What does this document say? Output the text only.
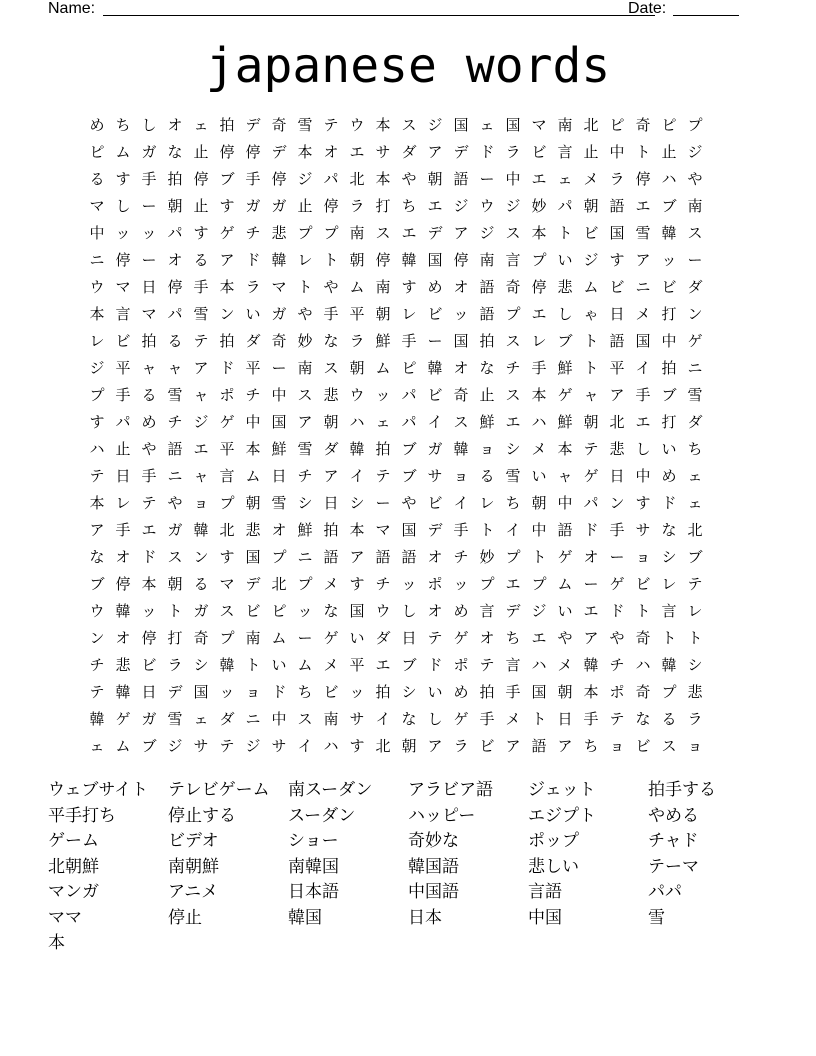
Name:	Date:
japanese words
め ち し オ ェ 拍 デ 奇 雪 テ ウ 本 ス ジ 国 ェ 国 マ 南 北 ピ 奇 ピ プ
ピ ム ガ な 止 停 停 デ 本 オ エ サ ダ ア デ ド ラ ビ 言 止 中 ト 止 ジ
る す 手 拍 停 ブ 手 停 ジ パ 北 本 や 朝 語 ー 中 エ ェ メ ラ 停 ハ や
マ し ー 朝 止 す ガ ガ 止 停 ラ 打 ち エ ジ ウ ジ 妙 パ 朝 語 エ ブ 南
中 ッ ッ パ す ゲ チ 悲 プ プ 南 ス エ デ ア ジ ス 本 ト ビ 国 雪 韓 ス
ニ 停 ー オ る ア ド 韓 レ ト 朝 停 韓 国 停 南 言 プ い ジ す ア ッ ー
ウ マ 日 停 手 本 ラ マ ト や ム 南 す め オ 語 奇 停 悲 ム ビ ニ ビ ダ
本 言 マ パ 雪 ン い ガ や 手 平 朝 レ ビ ッ 語 プ エ し ゃ 日 メ 打 ン
レ ビ 拍 る テ 拍 ダ 奇 妙 な ラ 鮮 手 ー 国 拍 ス レ ブ ト 語 国 中 ゲ
ジ 平 ャ ャ ア ド 平 ー 南 ス 朝 ム ピ 韓 オ な チ 手 鮮 ト 平 イ 拍 ニ
プ 手 る 雪 ャ ポ チ 中 ス 悲 ウ ッ パ ビ 奇 止 ス 本 ゲ ャ ア 手 ブ 雪
す パ め チ ジ ゲ 中 国 ア 朝 ハ ェ パ イ ス 鮮 エ ハ 鮮 朝 北 エ 打 ダ
ハ 止 や 語 エ 平 本 鮮 雪 ダ 韓 拍 ブ ガ 韓 ョ シ メ 本 テ 悲 し い ち
テ 日 手 ニ ャ 言 ム 日 チ ア イ テ ブ サ ョ る 雪 い ャ ゲ 日 中 め ェ
本 レ テ や ョ プ 朝 雪 シ 日 シ ー や ビ イ レ ち 朝 中 パ ン す ド ェ
ア 手 エ ガ 韓 北 悲 オ 鮮 拍 本 マ 国 デ 手 ト イ 中 語 ド 手 サ な 北
な オ ド ス ン す 国 プ ニ 語 ア 語 語 オ チ 妙 プ ト ゲ オ ー ョ シ ブ
ブ 停 本 朝 る マ デ 北 プ メ す チ ッ ポ ッ プ エ プ ム ー ゲ ビ レ テ
ウ 韓 ッ ト ガ ス ビ ピ ッ な 国 ウ し オ め 言 デ ジ い エ ド ト 言 レ
ン オ 停 打 奇 プ 南 ム ー ゲ い ダ 日 テ ゲ オ ち エ や ア や 奇 ト ト
チ 悲 ビ ラ シ 韓 ト い ム メ 平 エ ブ ド ポ テ 言 ハ メ 韓 チ ハ 韓 シ
テ 韓 日 デ 国 ッ ョ ド ち ビ ッ 拍 シ い め 拍 手 国 朝 本 ポ 奇 プ 悲
韓 ゲ ガ 雪 ェ ダ ニ 中 ス 南 サ イ な し ゲ 手 メ ト 日 手 テ な る ラ
ェ ム ブ ジ サ テ ジ サ イ ハ す 北 朝 ア ラ ビ ア 語 ア ち ョ ビ ス ョ
ウェブサイト	テレビゲーム	南スーダン	アラビア語	ジェット	拍手する
平手打ち	停止する	スーダン	ハッピー	エジプト	やめる
ゲーム	ビデオ	ショー	奇妙な	ポップ	チャド
北朝鮮	南朝鮮	南韓国	韓国語	悲しい	テーマ
マンガ	アニメ	日本語	中国語	言語	パパ
ママ	停止	韓国	日本	中国	雪
本
